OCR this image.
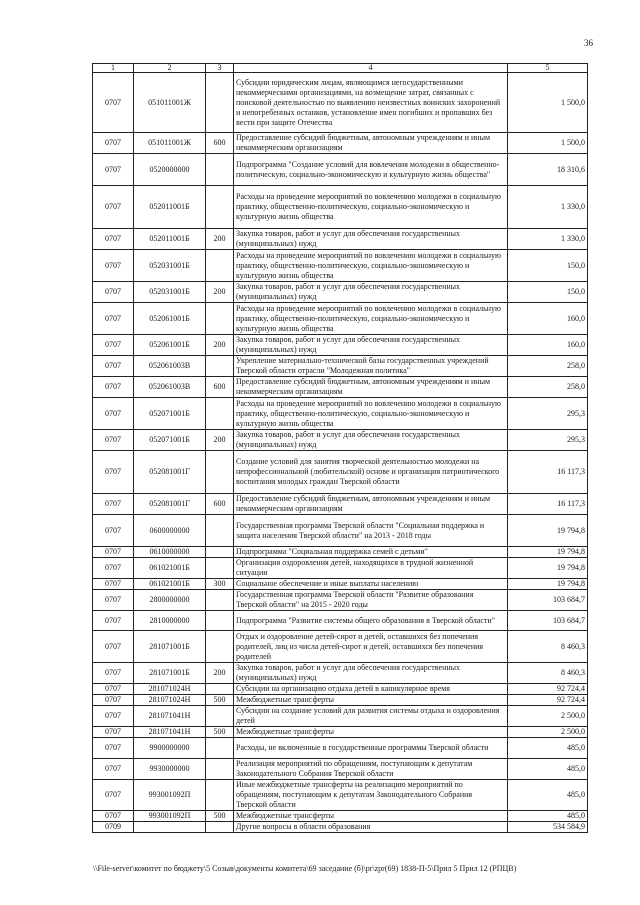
36
1	2	3	4	5
0707	051011001Ж		Субсидии юридическим лицам, являющимся негосударственными некоммерческими организациями, на возмещение затрат, связанных с поисковой деятельностью по выявлению неизвестных воинских захоронений и непогребенных останков, установление имен погибших и пропавших без вести при защите Отечества	1 500,0
0707	051011001Ж	600	Предоставление субсидий бюджетным, автономным учреждениям и иным некоммерческим организациям	1 500,0
0707	0520000000		Подпрограмма "Создание условий для вовлечения молодежи в общественно-политическую, социально-экономическую и культурную жизнь общества"	18 310,6
0707	052011001Б		Расходы на проведение мероприятий по вовлечению молодежи в социальную практику, общественно-политическую, социально-экономическую и культурную жизнь общества	1 330,0
0707	052011001Б	200	Закупка товаров, работ и услуг для обеспечения государственных (муниципальных) нужд	1 330,0
0707	052031001Б		Расходы на проведение мероприятий по вовлечению молодежи в социальную практику, общественно-политическую, социально-экономическую и культурную жизнь общества	150,0
0707	052031001Б	200	Закупка товаров, работ и услуг для обеспечения государственных (муниципальных) нужд	150,0
0707	052061001Б		Расходы на проведение мероприятий по вовлечению молодежи в социальную практику, общественно-политическую, социально-экономическую и культурную жизнь общества	160,0
0707	052061001Б	200	Закупка товаров, работ и услуг для обеспечения государственных (муниципальных) нужд	160,0
0707	052061003В		Укрепление материально-технической базы государственных учреждений Тверской области отрасли "Молодежная политика"	258,0
0707	052061003В	600	Предоставление субсидий бюджетным, автономным учреждениям и иным некоммерческим организациям	258,0
0707	052071001Б		Расходы на проведение мероприятий по вовлечению молодежи в социальную практику, общественно-политическую, социально-экономическую и культурную жизнь общества	295,3
0707	052071001Б	200	Закупка товаров, работ и услуг для обеспечения государственных (муниципальных) нужд	295,3
0707	052081001Г		Создание условий для занятия творческой деятельностью молодежи на непрофессиональной (любительской) основе и организация патриотического воспитания молодых граждан Тверской области	16 117,3
0707	052081001Г	600	Предоставление субсидий бюджетным, автономным учреждениям и иным некоммерческим организациям	16 117,3
0707	0600000000		Государственная программа Тверской области "Социальная поддержка и защита населения Тверской области" на 2013 - 2018 годы	19 794,8
0707	0610000000		Подпрограмма "Социальная поддержка семей с детьми"	19 794,8
0707	061021001Б		Организация оздоровления детей, находящихся в трудной жизненной ситуации	19 794,8
0707	061021001Б	300	Социальное обеспечение и иные выплаты населению	19 794,8
0707	2800000000		Государственная программа Тверской области "Развитие образования Тверской области" на 2015 - 2020 годы	103 684,7
0707	2810000000		Подпрограмма "Развитие системы общего образования в Тверской области"	103 684,7
0707	281071001Б		Отдых и оздоровление детей-сирот и детей, оставшихся без попечения родителей, лиц из числа детей-сирот и детей, оставшихся без попечения родителей	8 460,3
0707	281071001Б	200	Закупка товаров, работ и услуг для обеспечения государственных (муниципальных) нужд	8 460,3
0707	281071024Н		Субсидии на организацию отдыха детей в каникулярное время	92 724,4
0707	281071024Н	500	Межбюджетные трансферты	92 724,4
0707	281071041Н		Субсидии на создание условий для развития системы отдыха и оздоровления детей	2 500,0
0707	281071041Н	500	Межбюджетные трансферты	2 500,0
0707	9900000000		Расходы, не включенные в государственные программы Тверской области	485,0
0707	9930000000		Реализация мероприятий по обращениям, поступающим к депутатам Законодательного Собрания Тверской области	485,0
0707	993001092П		Иные межбюджетные трансферты на реализацию мероприятий по обращениям, поступающим к депутатам Законодательного Собрания Тверской области	485,0
0707	993001092П	500	Межбюджетные трансферты	485,0
0709			Другие вопросы в области образования	534 584,9
\\File-server\комитет по бюджету\5 Созыв\документы комитета\69 заседание (б)\pr\zpr(69) 1838-П-5\Прил 5 Прил 12 (РПЦВ)
